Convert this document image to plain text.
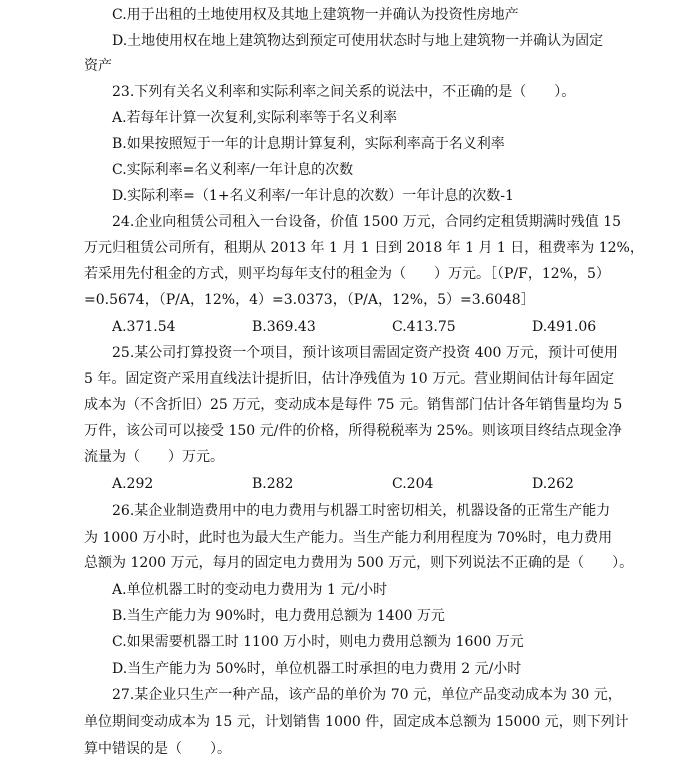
C.用于出租的土地使用权及其地上建筑物一并确认为投资性房地产
D.土地使用权在地上建筑物达到预定可使用状态时与地上建筑物一并确认为固定
资产
23.下列有关名义利率和实际利率之间关系的说法中，不正确的是（　　）。
A.若每年计算一次复利,实际利率等于名义利率
B.如果按照短于一年的计息期计算复利，实际利率高于名义利率
C.实际利率=名义利率/一年计息的次数
D.实际利率=（1+名义利率/一年计息的次数）一年计息的次数-1
24.企业向租赁公司租入一台设备，价值 1500 万元，合同约定租赁期满时残值 15
万元归租赁公司所有，租期从 2013 年 1 月 1 日到 2018 年 1 月 1 日，租费率为 12%，
若采用先付租金的方式，则平均每年支付的租金为（　　）万元。［（P/F，12%，5）
=0.5674，（P/A，12%，4）=3.0373，（P/A，12%，5）=3.6048］
A.371.54	B.369.43	C.413.75	D.491.06
25.某公司打算投资一个项目，预计该项目需固定资产投资 400 万元，预计可使用
5 年。固定资产采用直线法计提折旧，估计净残值为 10 万元。营业期间估计每年固定
成本为（不含折旧）25 万元，变动成本是每件 75 元。销售部门估计各年销售量均为 5
万件，该公司可以接受 150 元/件的价格，所得税税率为 25%。则该项目终结点现金净
流量为（　　）万元。
A.292	B.282	C.204	D.262
26.某企业制造费用中的电力费用与机器工时密切相关，机器设备的正常生产能力
为 1000 万小时，此时也为最大生产能力。当生产能力利用程度为 70%时，电力费用
总额为 1200 万元，每月的固定电力费用为 500 万元，则下列说法不正确的是（　　）。
A.单位机器工时的变动电力费用为 1 元/小时
B.当生产能力为 90%时，电力费用总额为 1400 万元
C.如果需要机器工时 1100 万小时，则电力费用总额为 1600 万元
D.当生产能力为 50%时，单位机器工时承担的电力费用 2 元/小时
27.某企业只生产一种产品，该产品的单价为 70 元，单位产品变动成本为 30 元，
单位期间变动成本为 15 元，计划销售 1000 件，固定成本总额为 15000 元，则下列计
算中错误的是（　　）。
